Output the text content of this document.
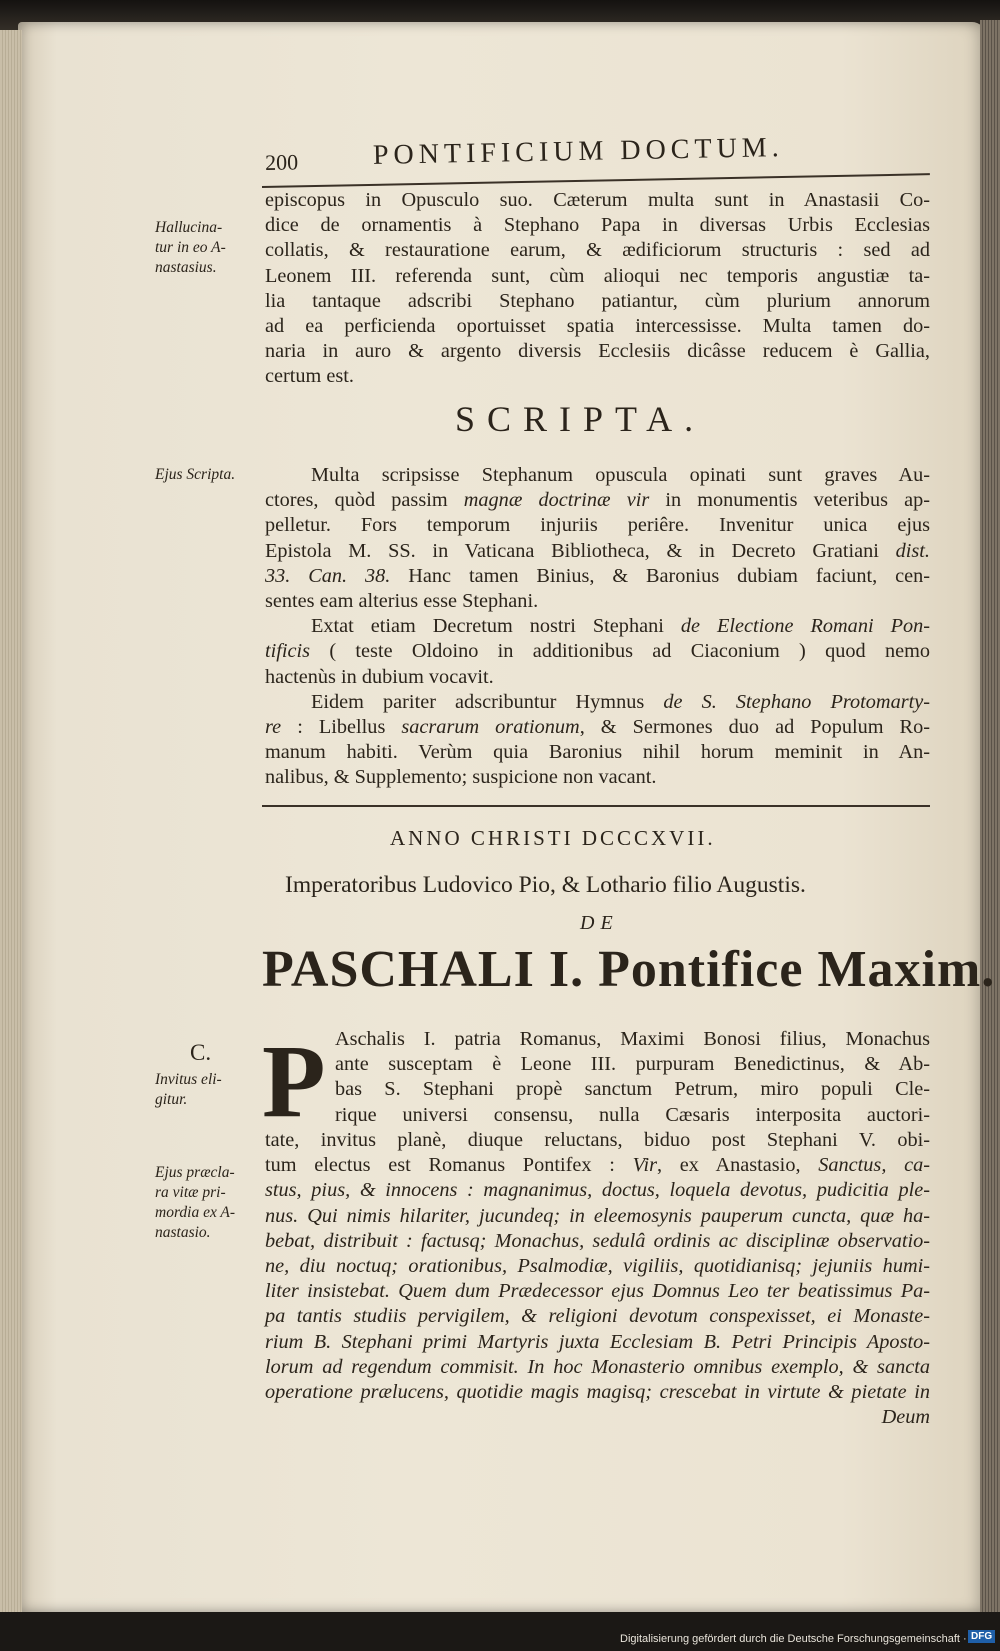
200	PONTIFICIUM DOCTUM.
Hallucina-
tur in eo A-
nastasius.
Ejus Scripta.
C.
Invitus eli-
gitur.
Ejus præcla-
ra vitæ pri-
mordia ex A-
nastasio.

episcopus in Opusculo suo. Cæterum multa sunt in Anastasii Co-

dice de ornamentis à Stephano Papa in diversas Urbis Ecclesias

collatis, & restauratione earum, & ædificiorum structuris : sed ad

Leonem III. referenda sunt, cùm alioqui nec temporis angustiæ ta-

lia tantaque adscribi Stephano patiantur, cùm plurium annorum

ad ea perficienda oportuisset spatia intercessisse. Multa tamen do-

naria in auro & argento diversis Ecclesiis dicâsse reducem è Gallia,

certum est.

SCRIPTA.

Multa scripsisse Stephanum opuscula opinati sunt graves Au-

ctores, quòd passim magnæ doctrinæ vir in monumentis veteribus ap-

pelletur. Fors temporum injuriis periêre. Invenitur unica ejus

Epistola M. SS. in Vaticana Bibliotheca, & in Decreto Gratiani dist.

33. Can. 38. Hanc tamen Binius, & Baronius dubiam faciunt, cen-

sentes eam alterius esse Stephani.

Extat etiam Decretum nostri Stephani de Electione Romani Pon-

tificis ( teste Oldoino in additionibus ad Ciaconium ) quod nemo

hactenùs in dubium vocavit.

Eidem pariter adscribuntur Hymnus de S. Stephano Protomarty-

re : Libellus sacrarum orationum, & Sermones duo ad Populum Ro-

manum habiti. Verùm quia Baronius nihil horum meminit in An-

nalibus, & Supplemento; suspicione non vacant.

ANNO CHRISTI DCCCXVII.
Imperatoribus Ludovico Pio, & Lothario filio Augustis.
DE
PASCHALI I. Pontifice Maxim.
P Aschalis I. patria Romanus, Maximi Bonosi filius, Monachus

ante susceptam è Leone III. purpuram Benedictinus, & Ab-

bas S. Stephani propè sanctum Petrum, miro populi Cle-

rique universi consensu, nulla Cæsaris interposita auctori-

tate, invitus planè, diuque reluctans, biduo post Stephani V. obi-

tum electus est Romanus Pontifex : Vir, ex Anastasio, Sanctus, ca-

stus, pius, & innocens : magnanimus, doctus, loquela devotus, pudicitia ple-

nus. Qui nimis hilariter, jucundeq; in eleemosynis pauperum cuncta, quæ ha-

bebat, distribuit : factusq; Monachus, sedulâ ordinis ac disciplinæ observatio-

ne, diu noctuq; orationibus, Psalmodiæ, vigiliis, quotidianisq; jejuniis humi-

liter insistebat. Quem dum Prædecessor ejus Domnus Leo ter beatissimus Pa-

pa tantis studiis pervigilem, & religioni devotum conspexisset, ei Monaste-

rium B. Stephani primi Martyris juxta Ecclesiam B. Petri Principis Aposto-

lorum ad regendum commisit. In hoc Monasterio omnibus exemplo, & sancta

operatione prælucens, quotidie magis magisq; crescebat in virtute & pietate in

Deum

Digitalisierung gefördert durch die Deutsche Forschungsgemeinschaft · DFG
